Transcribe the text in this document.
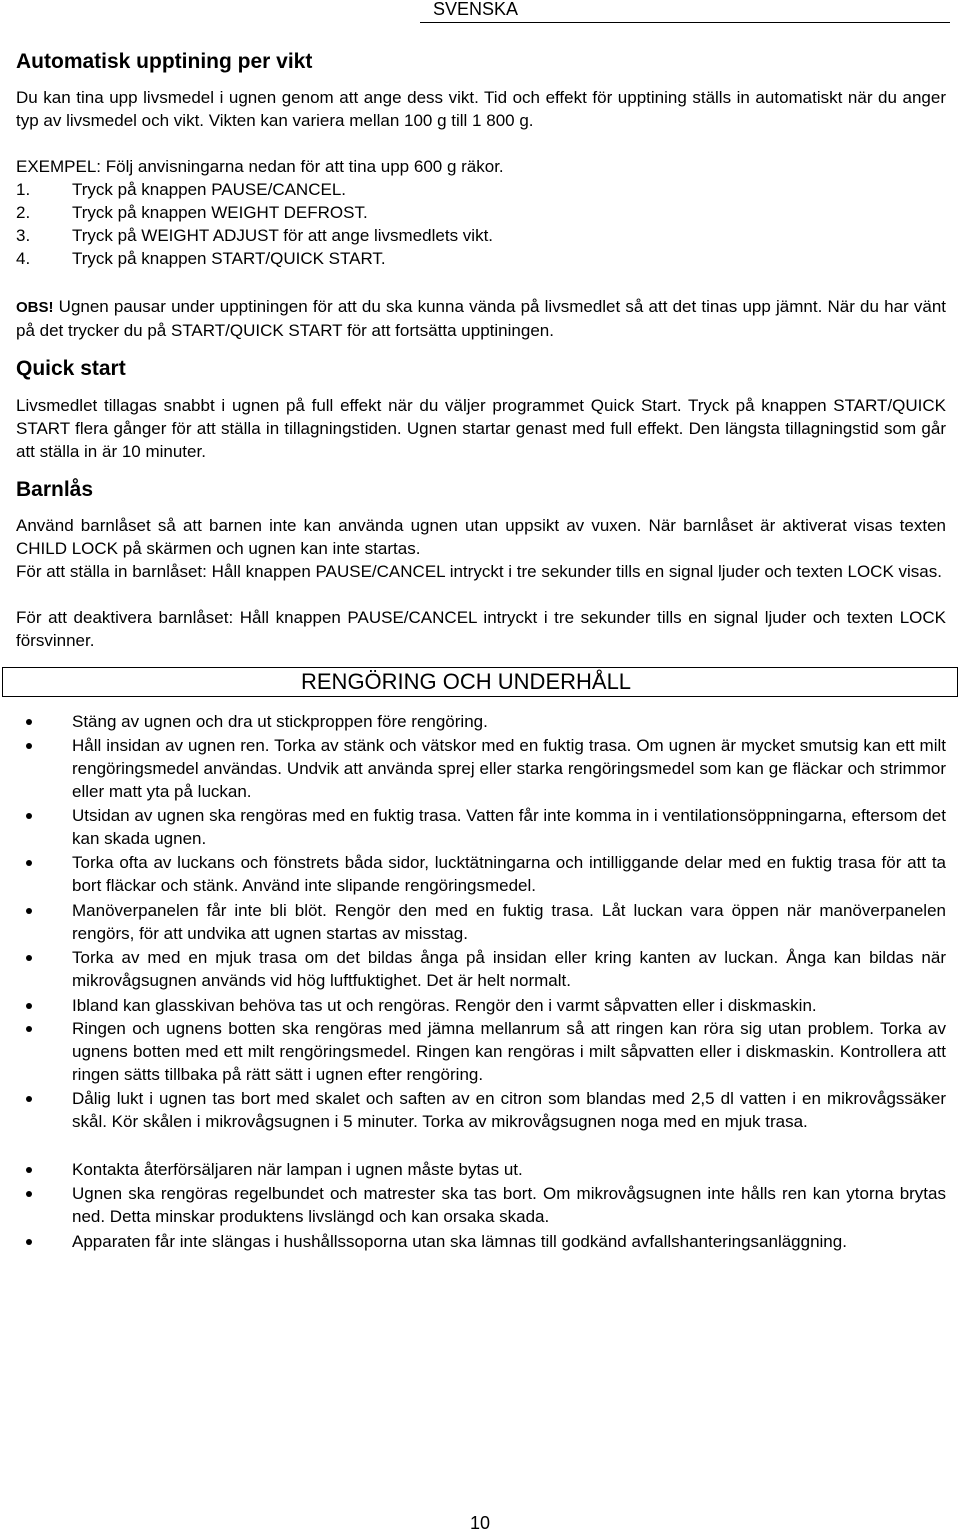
SVENSKA
Automatisk upptining per vikt
Du kan tina upp livsmedel i ugnen genom att ange dess vikt. Tid och effekt för upptining ställs in automatiskt när du anger typ av livsmedel och vikt. Vikten kan variera mellan 100 g till 1 800 g.
EXEMPEL: Följ anvisningarna nedan för att tina upp 600 g räkor.
1. Tryck på knappen PAUSE/CANCEL.
2. Tryck på knappen WEIGHT DEFROST.
3. Tryck på WEIGHT ADJUST för att ange livsmedlets vikt.
4. Tryck på knappen START/QUICK START.
OBS! Ugnen pausar under upptiningen för att du ska kunna vända på livsmedlet så att det tinas upp jämnt. När du har vänt på det trycker du på START/QUICK START för att fortsätta upptiningen.
Quick start
Livsmedlet tillagas snabbt i ugnen på full effekt när du väljer programmet Quick Start. Tryck på knappen START/QUICK START flera gånger för att ställa in tillagningstiden. Ugnen startar genast med full effekt. Den längsta tillagningstid som går att ställa in är 10 minuter.
Barnlås
Använd barnlåset så att barnen inte kan använda ugnen utan uppsikt av vuxen. När barnlåset är aktiverat visas texten CHILD LOCK på skärmen och ugnen kan inte startas.
För att ställa in barnlåset: Håll knappen PAUSE/CANCEL intryckt i tre sekunder tills en signal ljuder och texten LOCK visas.
För att deaktivera barnlåset: Håll knappen PAUSE/CANCEL intryckt i tre sekunder tills en signal ljuder och texten LOCK försvinner.
RENGÖRING OCH UNDERHÅLL
Stäng av ugnen och dra ut stickproppen före rengöring.
Håll insidan av ugnen ren. Torka av stänk och vätskor med en fuktig trasa. Om ugnen är mycket smutsig kan ett milt rengöringsmedel användas. Undvik att använda sprej eller starka rengöringsmedel som kan ge fläckar och strimmor eller matt yta på luckan.
Utsidan av ugnen ska rengöras med en fuktig trasa. Vatten får inte komma in i ventilationsöppningarna, eftersom det kan skada ugnen.
Torka ofta av luckans och fönstrets båda sidor, lucktätningarna och intilliggande delar med en fuktig trasa för att ta bort fläckar och stänk. Använd inte slipande rengöringsmedel.
Manöverpanelen får inte bli blöt. Rengör den med en fuktig trasa. Låt luckan vara öppen när manöverpanelen rengörs, för att undvika att ugnen startas av misstag.
Torka av med en mjuk trasa om det bildas ånga på insidan eller kring kanten av luckan. Ånga kan bildas när mikrovågsugnen används vid hög luftfuktighet. Det är helt normalt.
Ibland kan glasskivan behöva tas ut och rengöras. Rengör den i varmt såpvatten eller i diskmaskin.
Ringen och ugnens botten ska rengöras med jämna mellanrum så att ringen kan röra sig utan problem. Torka av ugnens botten med ett milt rengöringsmedel. Ringen kan rengöras i milt såpvatten eller i diskmaskin. Kontrollera att ringen sätts tillbaka på rätt sätt i ugnen efter rengöring.
Dålig lukt i ugnen tas bort med skalet och saften av en citron som blandas med 2,5 dl vatten i en mikrovågssäker skål. Kör skålen i mikrovågsugnen i 5 minuter. Torka av mikrovågsugnen noga med en mjuk trasa.
Kontakta återförsäljaren när lampan i ugnen måste bytas ut.
Ugnen ska rengöras regelbundet och matrester ska tas bort. Om mikrovågsugnen inte hålls ren kan ytorna brytas ned. Detta minskar produktens livslängd och kan orsaka skada.
Apparaten får inte slängas i hushållssoporna utan ska lämnas till godkänd avfallshanteringsanläggning.
10
